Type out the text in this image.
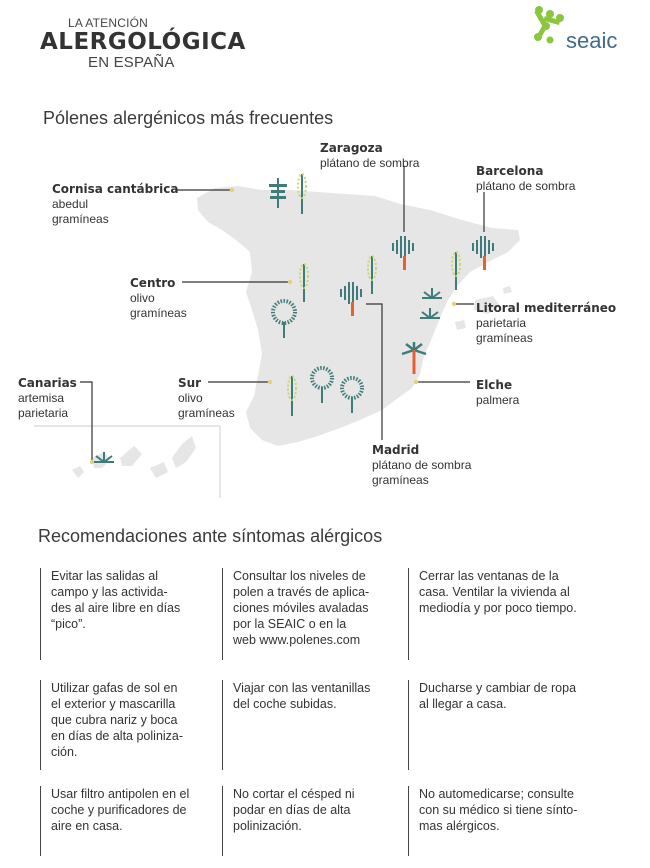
LA ATENCIÓN
ALERGOLÓGICA
EN ESPAÑA
seaic
Pólenes alergénicos más frecuentes
Cornisa cantábrica
abedul
gramíneas
Zaragoza
plátano de sombra
Barcelona
plátano de sombra
Centro
olivo
gramíneas	Litoral mediterráneo
parietaria
gramíneas
Canarias
artemisa
parietaria
Sur
olivo
gramíneas
Elche
palmera
Madrid
plátano de sombra
gramíneas
Recomendaciones ante síntomas alérgicos
Evitar las salidas al campo y las activida- des al aire libre en días “pico”.
Consultar los niveles de polen a través de aplica- ciones móviles avaladas por la SEAIC o en la web www.polenes.com
Cerrar las ventanas de la casa. Ventilar la vivienda al mediodía y por poco tiempo.
Utilizar gafas de sol en el exterior y mascarilla que cubra nariz y boca en días de alta poliniza- ción.
Viajar con las ventanillas del coche subidas.
Ducharse y cambiar de ropa al llegar a casa.
Usar filtro antipolen en el coche y purificadores de aire en casa.
No cortar el césped ni podar en días de alta polinización.
No automedicarse; consulte con su médico si tiene sínto- mas alérgicos.
